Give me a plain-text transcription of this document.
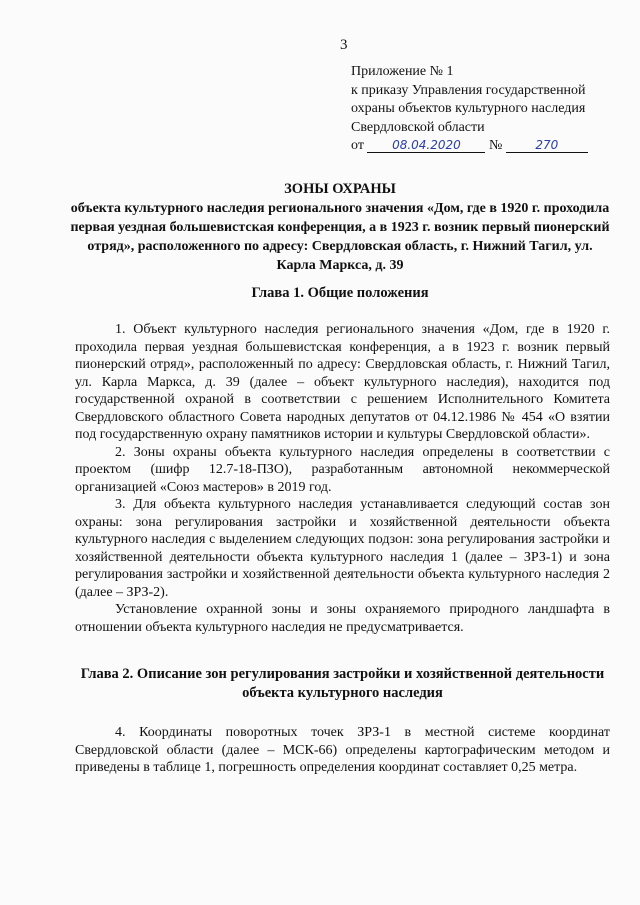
3
Приложение № 1
к приказу Управления государственной
охраны объектов культурного наследия
Свердловской области
от 08.04.2020 №	270
ЗОНЫ ОХРАНЫ
объекта культурного наследия регионального значения «Дом, где в 1920 г. проходила первая уездная большевистская конференция, а в 1923 г. возник первый пионерский отряд», расположенного по адресу: Свердловская область, г. Нижний Тагил, ул. Карла Маркса, д. 39
Глава 1. Общие положения

1. Объект культурного наследия регионального значения «Дом, где в 1920 г. проходила первая уездная большевистская конференция, а в 1923 г. возник первый пионерский отряд», расположенный по адресу: Свердловская область, г. Нижний Тагил, ул. Карла Маркса, д. 39 (далее – объект культурного наследия), находится под государственной охраной в соответствии с решением Исполнительного Комитета Свердловского областного Совета народных депутатов от 04.12.1986 № 454 «О взятии под государственную охрану памятников истории и культуры Свердловской области».

2. Зоны охраны объекта культурного наследия определены в соответствии с проектом (шифр 12.7-18-ПЗО), разработанным автономной некоммерческой организацией «Союз мастеров» в 2019 год.

3. Для объекта культурного наследия устанавливается следующий состав зон охраны: зона регулирования застройки и хозяйственной деятельности объекта культурного наследия с выделением следующих подзон: зона регулирования застройки и хозяйственной деятельности объекта культурного наследия 1 (далее – ЗРЗ-1) и зона регулирования застройки и хозяйственной деятельности объекта культурного наследия 2 (далее – ЗРЗ-2).

Установление охранной зоны и зоны охраняемого природного ландшафта в отношении объекта культурного наследия не предусматривается.

Глава 2. Описание зон регулирования застройки и хозяйственной деятельности объекта культурного наследия

4. Координаты поворотных точек ЗРЗ-1 в местной системе координат Свердловской области (далее – МСК-66) определены картографическим методом и приведены в таблице 1, погрешность определения координат составляет 0,25 метра.
